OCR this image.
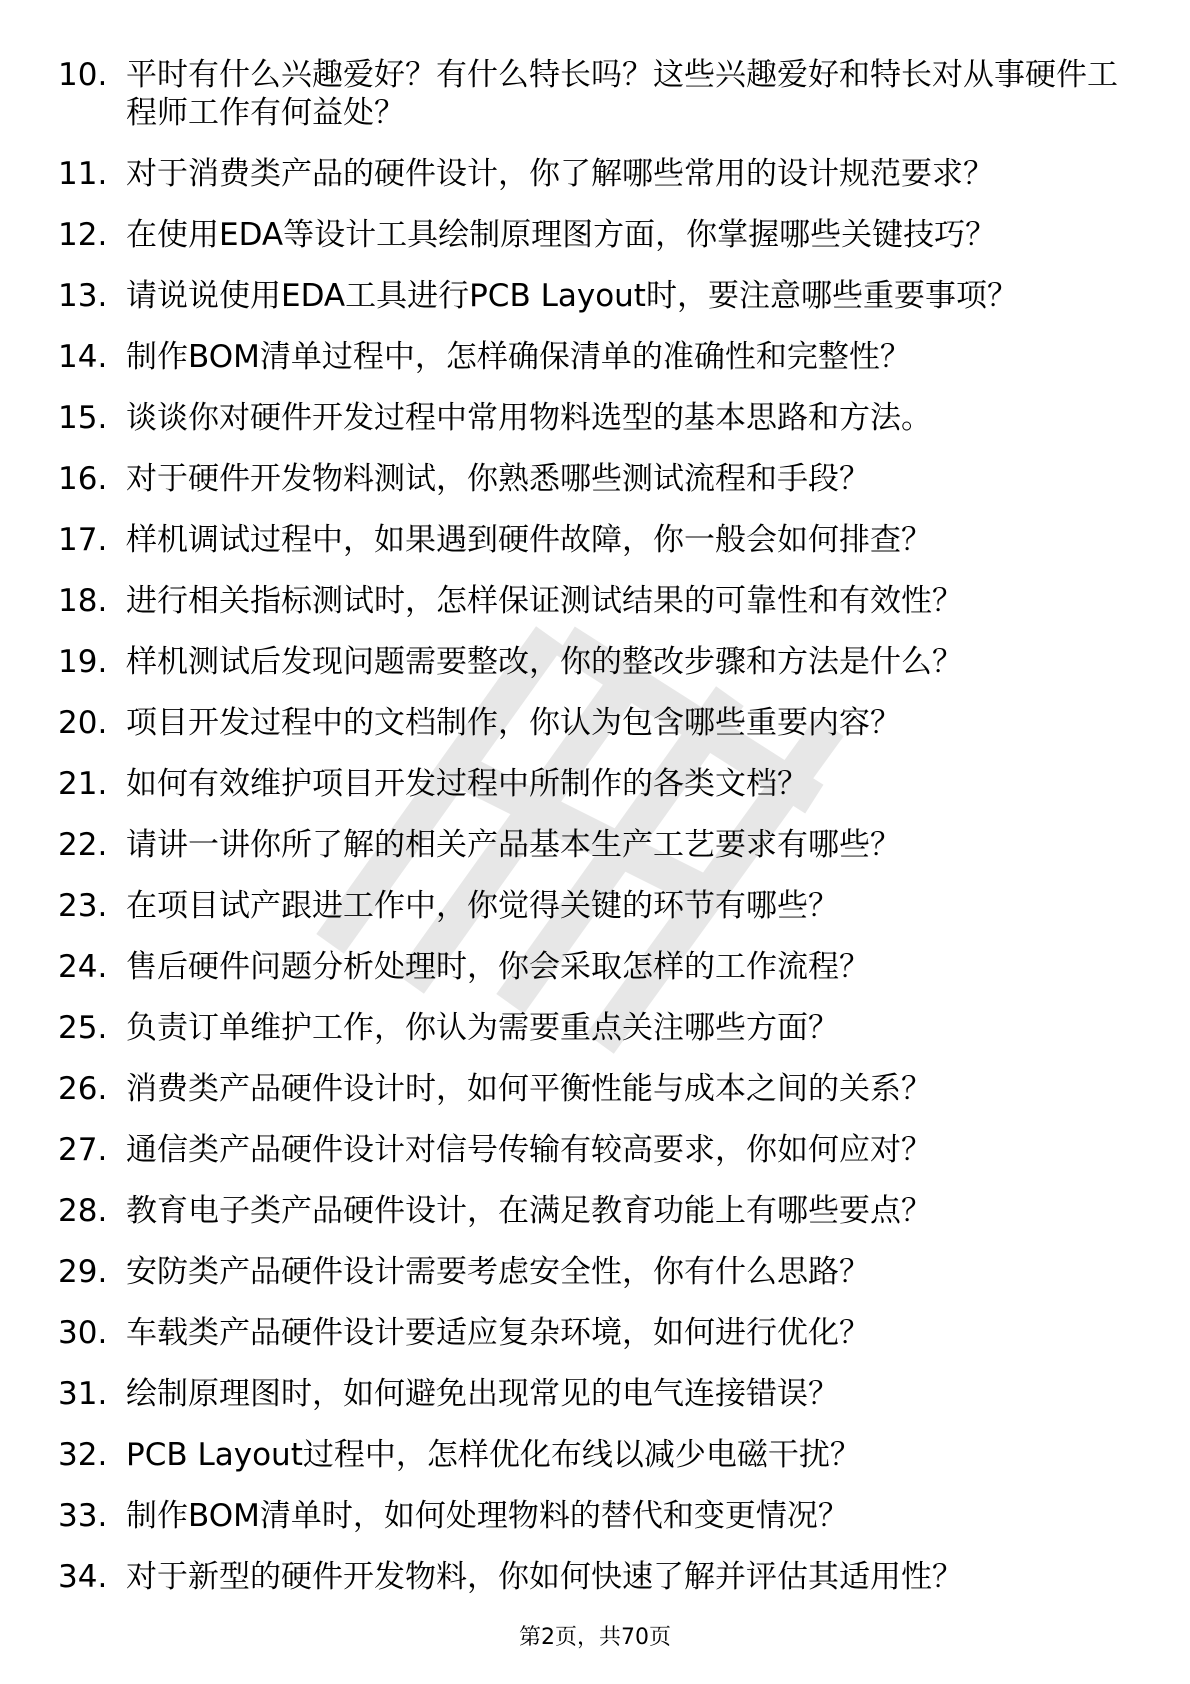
10. 平时有什么兴趣爱好？有什么特长吗？这些兴趣爱好和特长对从事硬件工程师工作有何益处？
11. 对于消费类产品的硬件设计，你了解哪些常用的设计规范要求？
12. 在使用EDA等设计工具绘制原理图方面，你掌握哪些关键技巧？
13. 请说说使用EDA工具进行PCB Layout时，要注意哪些重要事项？
14. 制作BOM清单过程中，怎样确保清单的准确性和完整性？
15. 谈谈你对硬件开发过程中常用物料选型的基本思路和方法。
16. 对于硬件开发物料测试，你熟悉哪些测试流程和手段？
17. 样机调试过程中，如果遇到硬件故障，你一般会如何排查？
18. 进行相关指标测试时，怎样保证测试结果的可靠性和有效性？
19. 样机测试后发现问题需要整改，你的整改步骤和方法是什么？
20. 项目开发过程中的文档制作，你认为包含哪些重要内容？
21. 如何有效维护项目开发过程中所制作的各类文档？
22. 请讲一讲你所了解的相关产品基本生产工艺要求有哪些？
23. 在项目试产跟进工作中，你觉得关键的环节有哪些？
24. 售后硬件问题分析处理时，你会采取怎样的工作流程？
25. 负责订单维护工作，你认为需要重点关注哪些方面？
26. 消费类产品硬件设计时，如何平衡性能与成本之间的关系？
27. 通信类产品硬件设计对信号传输有较高要求，你如何应对？
28. 教育电子类产品硬件设计，在满足教育功能上有哪些要点？
29. 安防类产品硬件设计需要考虑安全性，你有什么思路？
30. 车载类产品硬件设计要适应复杂环境，如何进行优化？
31. 绘制原理图时，如何避免出现常见的电气连接错误？
32. PCB Layout过程中，怎样优化布线以减少电磁干扰？
33. 制作BOM清单时，如何处理物料的替代和变更情况？
34. 对于新型的硬件开发物料，你如何快速了解并评估其适用性？
第2页，共70页
